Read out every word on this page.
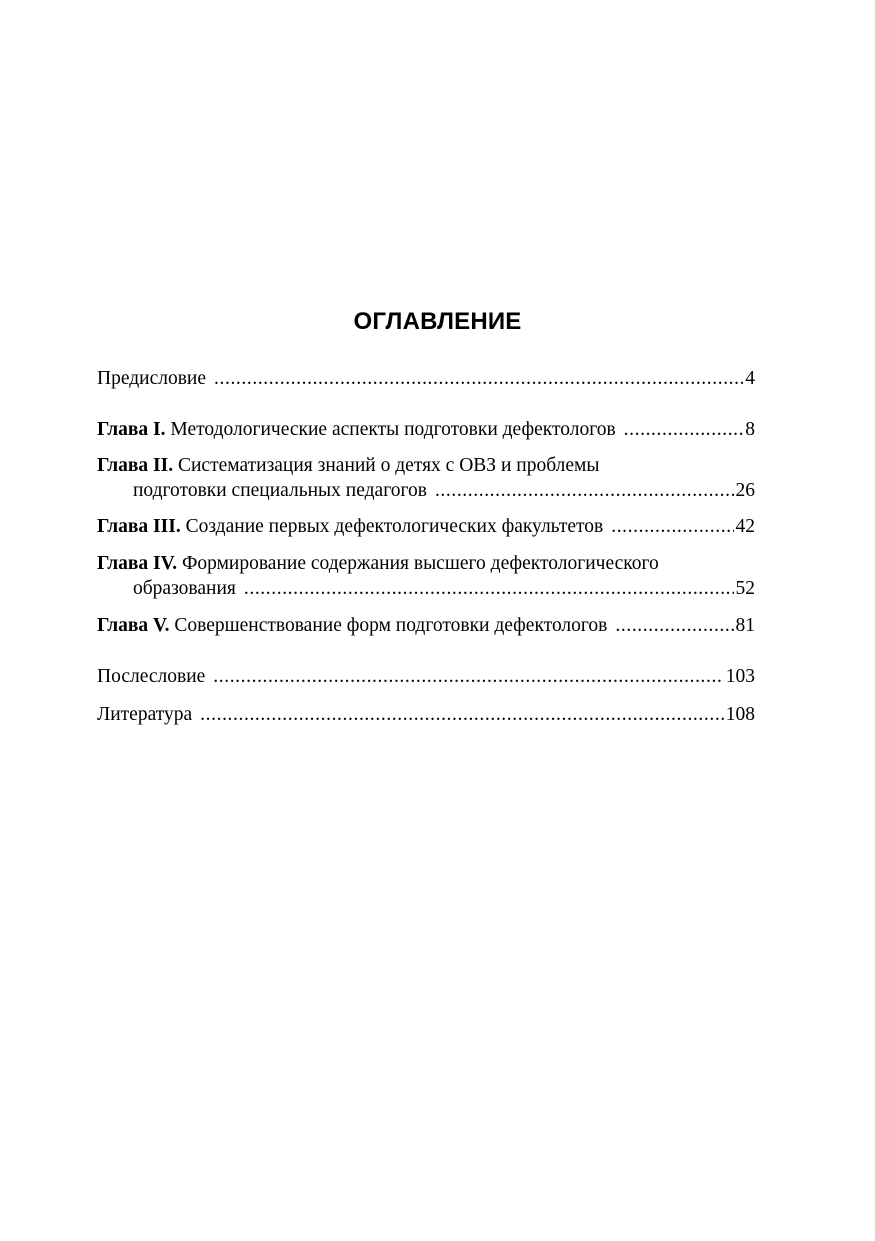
ОГЛАВЛЕНИЕ
Предисловие .....	4
Глава I. Методологические аспекты подготовки дефектологов .....	8
Глава II. Систематизация знаний о детях с ОВЗ и проблемы
подготовки специальных педагогов .....	26
Глава III. Создание первых дефектологических факультетов .....	42
Глава IV. Формирование содержания высшего дефектологического
образования .....	52
Глава V. Совершенствование форм подготовки дефектологов .....	81
Послесловие .....	103
Литература .....	108
